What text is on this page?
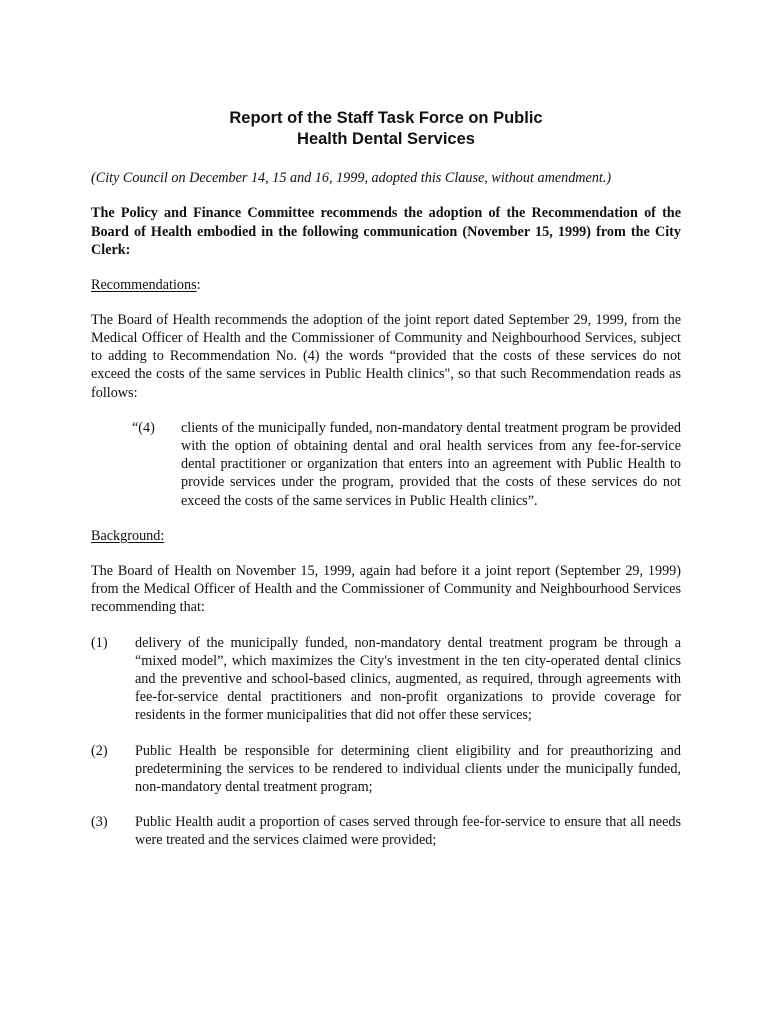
Report of the Staff Task Force on Public
Health Dental Services

(City Council on December 14, 15 and 16, 1999, adopted this Clause, without amendment.)

The Policy and Finance Committee recommends the adoption of the Recommendation of the Board of Health embodied in the following communication (November 15, 1999) from the City Clerk:

Recommendations:

The Board of Health recommends the adoption of the joint report dated September 29, 1999, from the Medical Officer of Health and the Commissioner of Community and Neighbourhood Services, subject to adding to Recommendation No. (4) the words “provided that the costs of these services do not exceed the costs of the same services in Public Health clinics", so that such Recommendation reads as follows:

“(4)	clients of the municipally funded, non-mandatory dental treatment program be provided with the option of obtaining dental and oral health services from any fee-for-service dental practitioner or organization that enters into an agreement with Public Health to provide services under the program, provided that the costs of these services do not exceed the costs of the same services in Public Health clinics”.

Background:

The Board of Health on November 15, 1999, again had before it a joint report (September 29, 1999) from the Medical Officer of Health and the Commissioner of Community and Neighbourhood Services recommending that:

(1)	delivery of the municipally funded, non-mandatory dental treatment program be through a “mixed model”, which maximizes the City's investment in the ten city-operated dental clinics and the preventive and school-based clinics, augmented, as required, through agreements with fee-for-service dental practitioners and non-profit organizations to provide coverage for residents in the former municipalities that did not offer these services;
(2)	Public Health be responsible for determining client eligibility and for preauthorizing and predetermining the services to be rendered to individual clients under the municipally funded, non-mandatory dental treatment program;
(3)	Public Health audit a proportion of cases served through fee-for-service to ensure that all needs were treated and the services claimed were provided;
